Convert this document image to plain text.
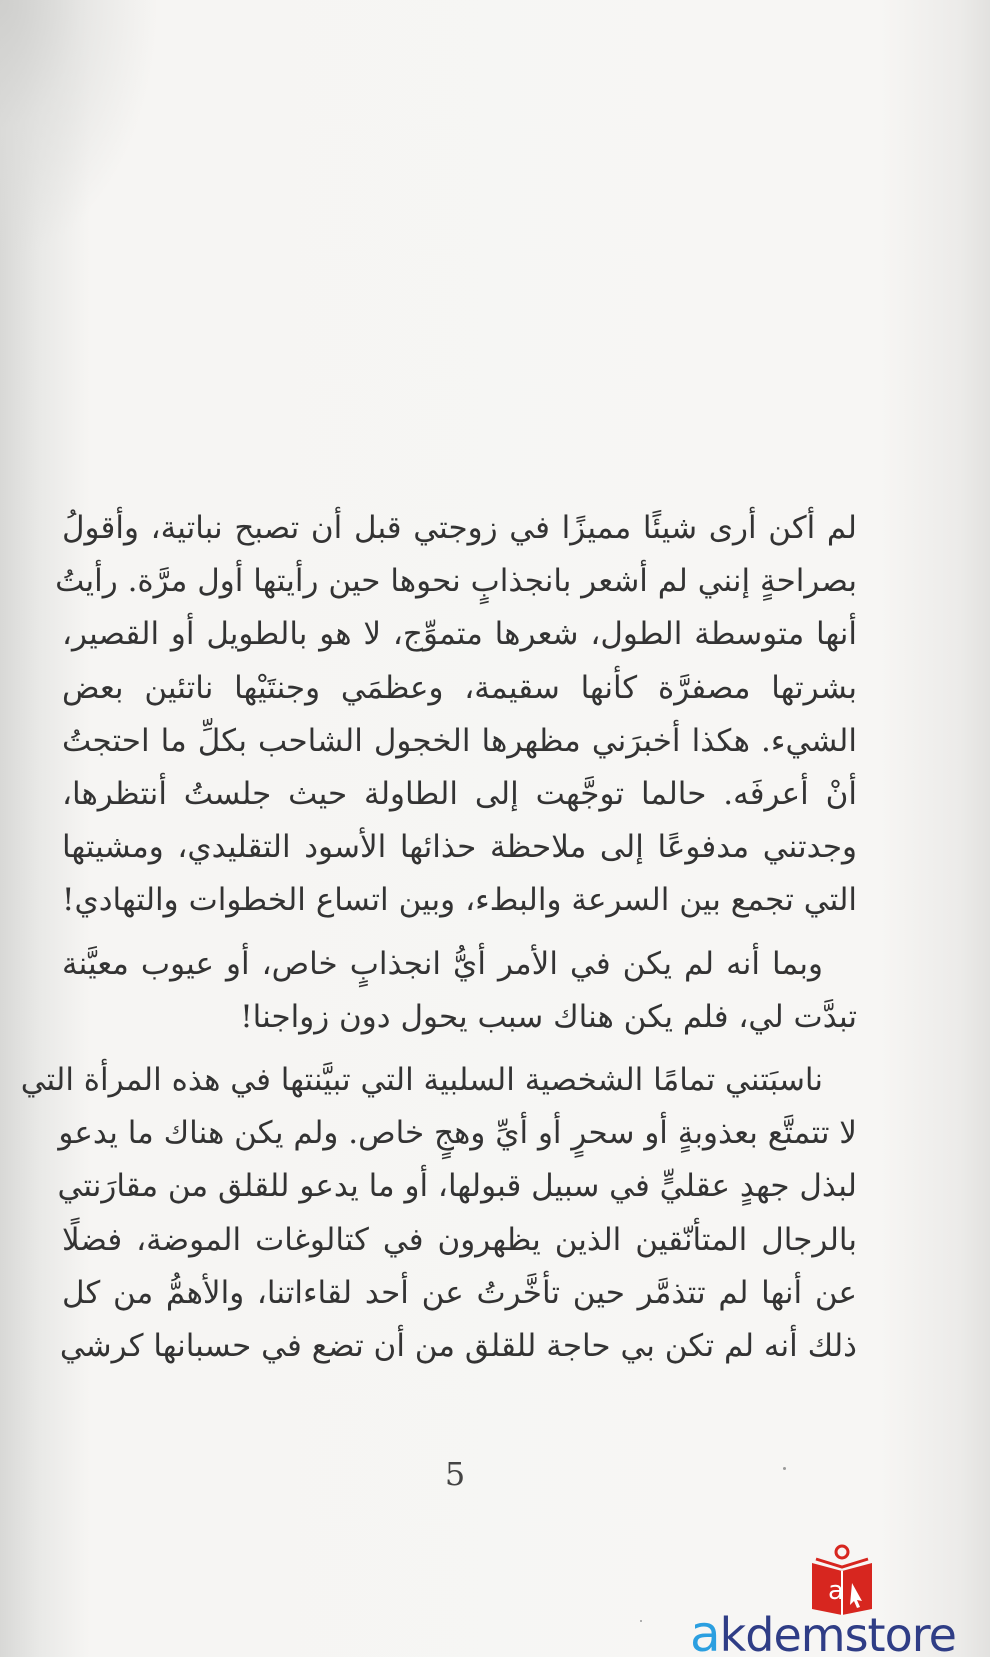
لم أكن أرى شيئًا مميزًا في زوجتي قبل أن تصبح نباتية، وأقولُ
بصراحةٍ إنني لم أشعر بانجذابٍ نحوها حين رأيتها أول مرَّة. رأيتُ
أنها متوسطة الطول، شعرها متموِّج، لا هو بالطويل أو القصير،
بشرتها مصفرَّة كأنها سقيمة، وعظمَي وجنتَيْها ناتئين بعض
الشيء. هكذا أخبرَني مظهرها الخجول الشاحب بكلِّ ما احتجتُ
أنْ أعرفَه. حالما توجَّهت إلى الطاولة حيث جلستُ أنتظرها،
وجدتني مدفوعًا إلى ملاحظة حذائها الأسود التقليدي، ومشيتها
التي تجمع بين السرعة والبطء، وبين اتساع الخطوات والتهادي!

وبما أنه لم يكن في الأمر أيُّ انجذابٍ خاص، أو عيوب معيَّنة
تبدَّت لي، فلم يكن هناك سبب يحول دون زواجنا!

ناسبَتني تمامًا الشخصية السلبية التي تبيَّنتها في هذه المرأة التي
لا تتمتَّع بعذوبةٍ أو سحرٍ أو أيِّ وهجٍ خاص. ولم يكن هناك ما يدعو
لبذل جهدٍ عقليٍّ في سبيل قبولها، أو ما يدعو للقلق من مقارَنتي
بالرجال المتأنّقين الذين يظهرون في كتالوغات الموضة، فضلًا
عن أنها لم تتذمَّر حين تأخَّرتُ عن أحد لقاءاتنا، والأهمُّ من كل
ذلك أنه لم تكن بي حاجة للقلق من أن تضع في حسبانها كرشي

5
a
akdemstore
